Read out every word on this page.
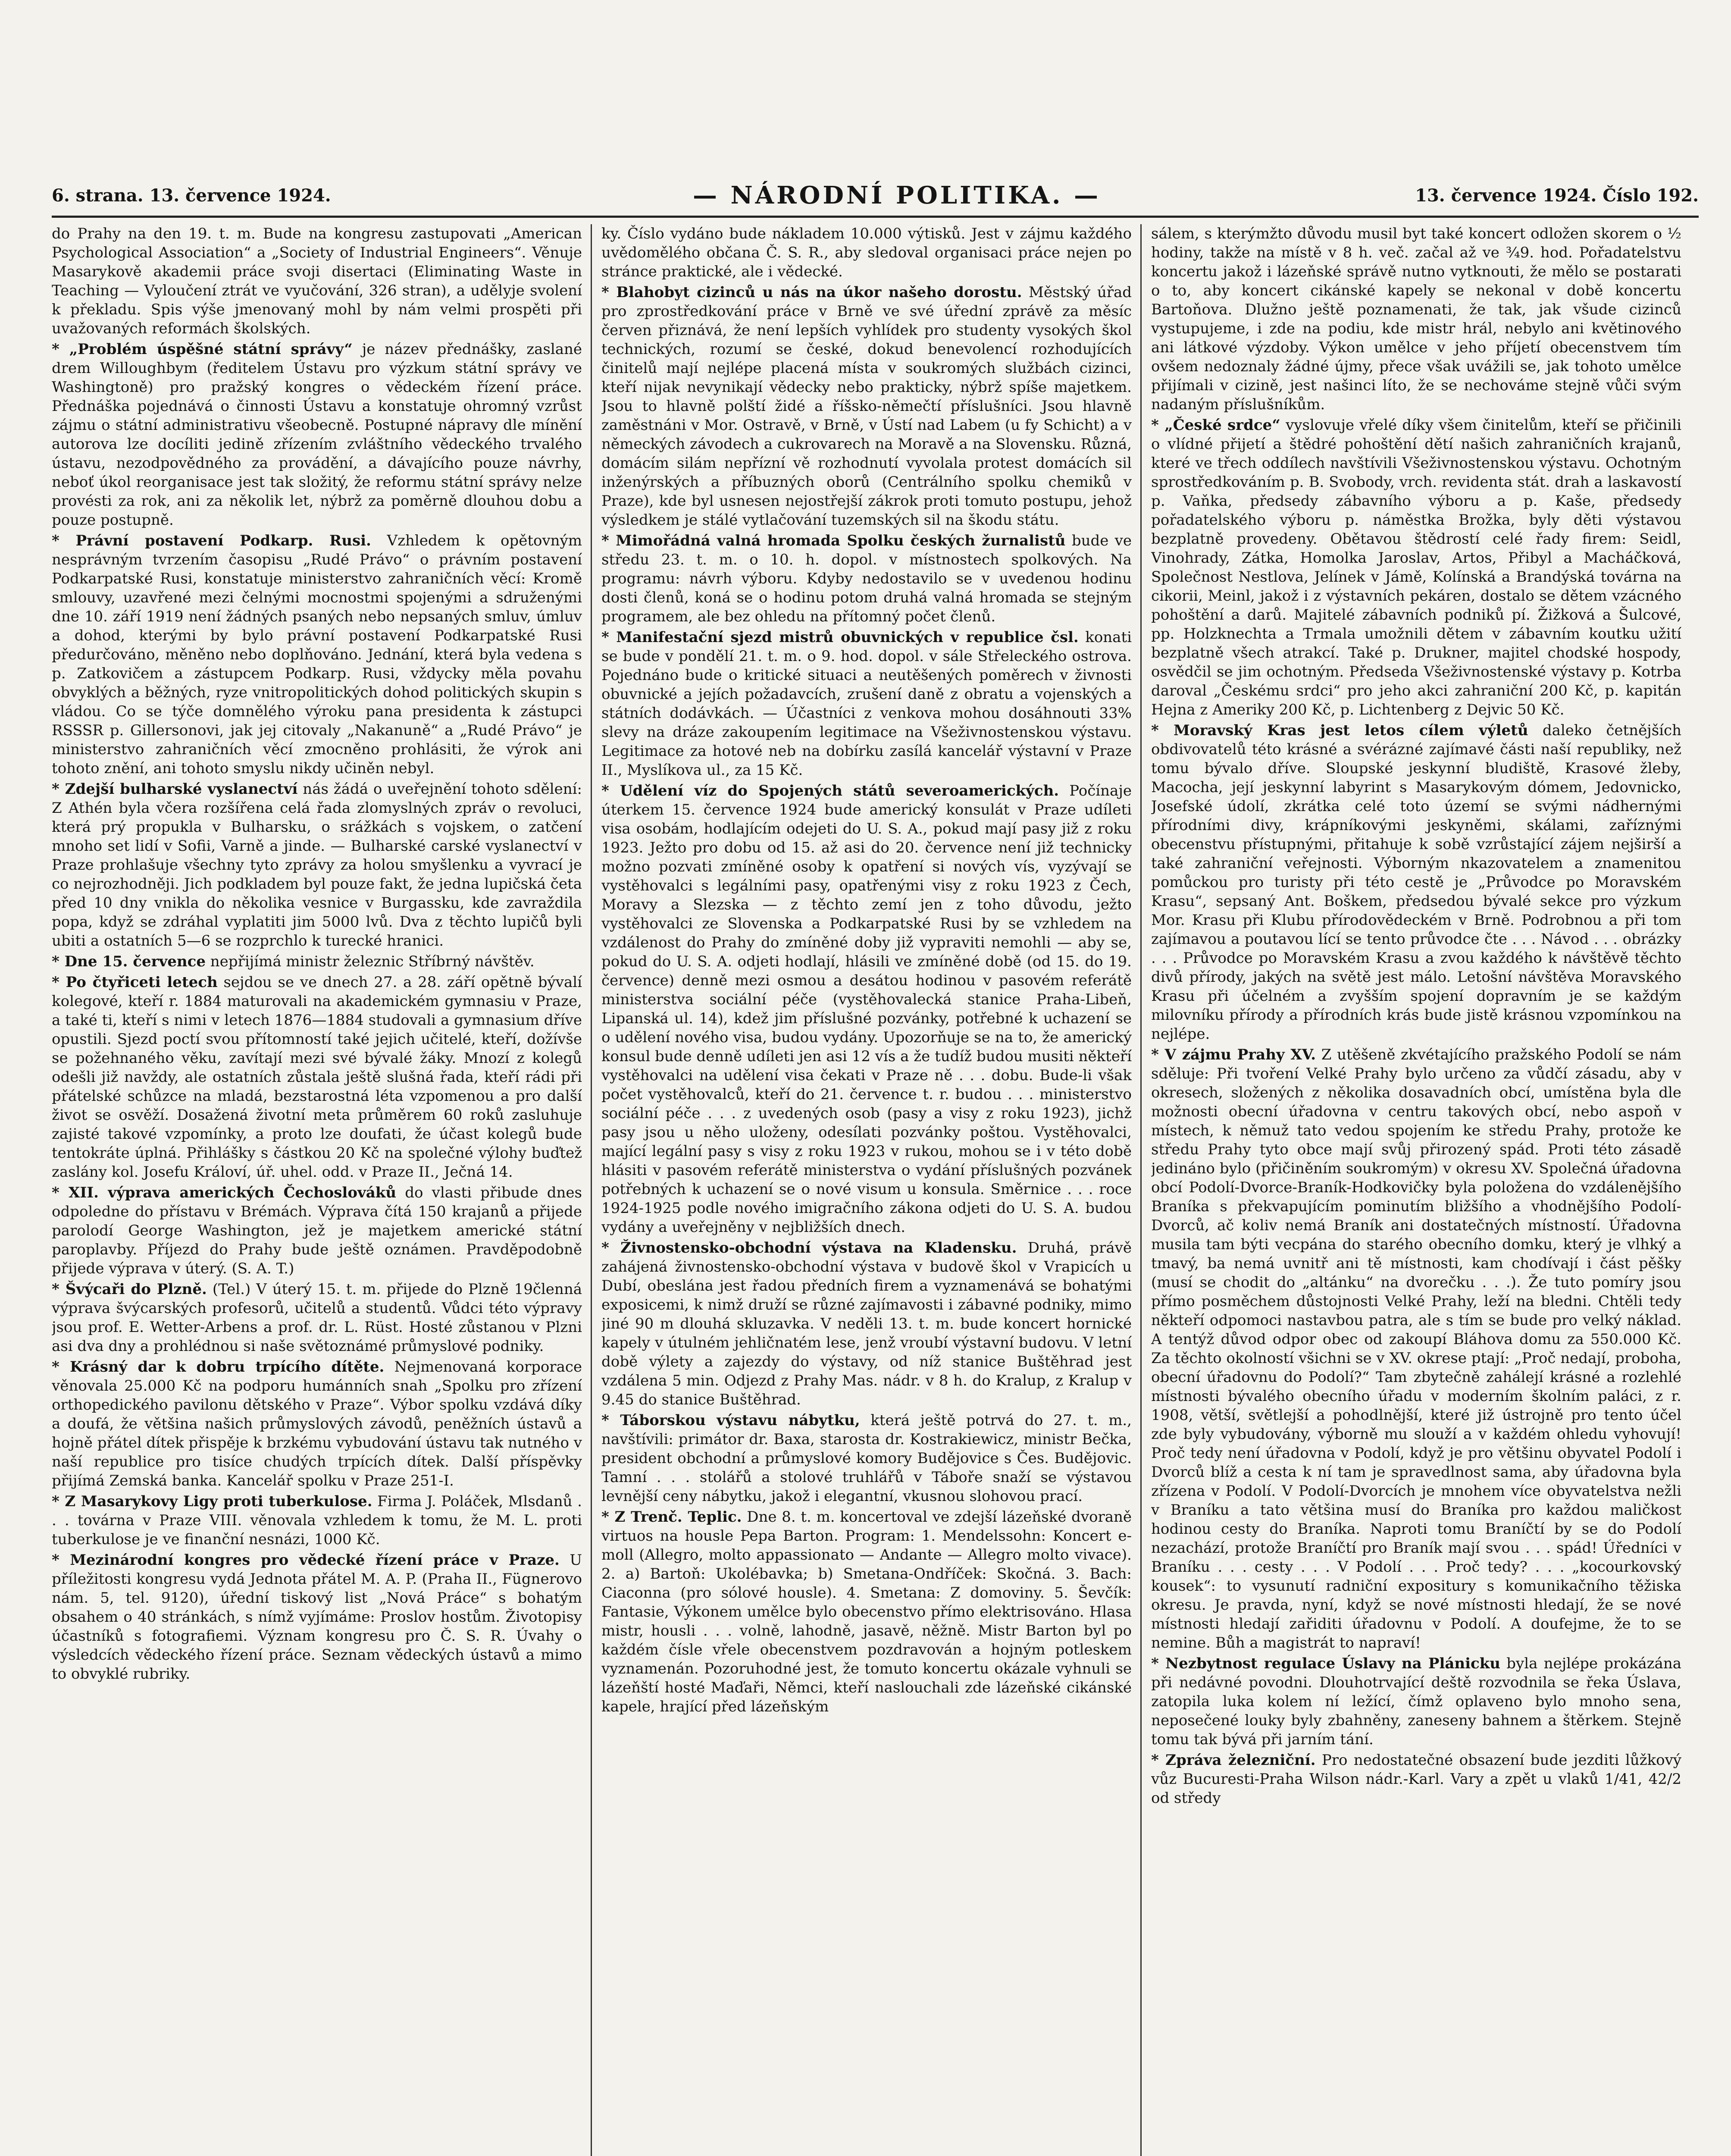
6. strana. 13. července 1924.	— NÁRODNÍ POLITIKA. —	13. července 1924. Číslo 192.

do Prahy na den 19. t. m. Bude na kongresu zastupovati „American Psychological Association“ a „Society of Industrial Engineers“. Věnuje Masarykově akademii práce svoji disertaci (Eliminating Waste in Teaching — Vyloučení ztrát ve vyučování, 326 stran), a udělује svolení k překladu. Spis výše jmenovaný mohl by nám velmi prospěti při uvažovaných reformách školských.

* „Problém úspěšné státní správy“ je název přednášky, zaslané drem Willoughbym (ředitelem Ústavu pro výzkum státní správy ve Washingtoně) pro pražský kongres o vědeckém řízení práce. Přednáška pojednává o činnosti Ústavu a konstatuje ohromný vzrůst zájmu o státní administrativu všeobecně. Postupné nápravy dle mínění autorova lze docíliti jedině zřízením zvláštního vědeckého trvalého ústavu, nezodpovědného za provádění, a dávajícího pouze návrhy, neboť úkol reorganisace jest tak složitý, že reformu státní správy nelze provésti za rok, ani za několik let, nýbrž za poměrně dlouhou dobu a pouze postupně.

* Právní postavení Podkarp. Rusi. Vzhledem k opětovným nesprávným tvrzením časopisu „Rudé Právo“ o právním postavení Podkarpatské Rusi, konstatuje ministerstvo zahraničních věcí: Kromě smlouvy, uzavřené mezi čelnými mocnostmi spojenými a sdruženými dne 10. září 1919 není žádných psaných nebo nepsaných smluv, úmluv a dohod, kterými by bylo právní postavení Podkarpatské Rusi předurčováno, měněno nebo doplňováno. Jednání, která byla vedena s p. Zatkovičem a zástupcem Podkarp. Rusi, vždycky měla povahu obvyklých a běžných, ryze vnitropolitických dohod politických skupin s vládou. Co se týče domnělého výroku pana presidenta k zástupci RSSSR p. Gillersonovi, jak jej citovaly „Nakanuně“ a „Rudé Právo“ je ministerstvo zahraničních věcí zmocněno prohlásiti, že výrok ani tohoto znění, ani tohoto smyslu nikdy učiněn nebyl.

* Zdejší bulharské vyslanectví nás žádá o uveřejnění tohoto sdělení: Z Athén byla včera rozšířena celá řada zlomyslných zpráv o revoluci, která prý propukla v Bulharsku, o srážkách s vojskem, o zatčení mnoho set lidí v Sofii, Varně a jinde. — Bulharské carské vyslanectví v Praze prohlašuje všechny tyto zprávy za holou smyšlenku a vyvrací je co nejrozhodněji. Jich podkladem byl pouze fakt, že jedna lupičská četa před 10 dny vnikla do několika vesnice v Burgassku, kde zavraždila popa, když se zdráhal vyplatiti jim 5000 lvů. Dva z těchto lupičů byli ubiti a ostatních 5—6 se rozprchlo k turecké hranici.

* Dne 15. července nepřijímá ministr železnic Stříbrný návštěv.

* Po čtyřiceti letech sejdou se ve dnech 27. a 28. září opětně bývalí kolegové, kteří r. 1884 maturovali na akademickém gymnasiu v Praze, a také ti, kteří s nimi v letech 1876—1884 studovali a gymnasium dříve opustili. Sjezd poctí svou přítomností také jejich učitelé, kteří, dožívše se požehnaného věku, zavítají mezi své bývalé žáky. Mnozí z kolegů odešli již navždy, ale ostatních zůstala ještě slušná řada, kteří rádi při přátelské schůzce na mladá, bezstarostná léta vzpomenou a pro další život se osvěží. Dosažená životní meta průměrem 60 roků zasluhuje zajisté takové vzpomínky, a proto lze doufati, že účast kolegů bude tentokráte úplná. Přihlášky s částkou 20 Kč na společné výlohy buďtež zaslány kol. Josefu Královí, úř. uhel. odd. v Praze II., Ječná 14.

* XII. výprava amerických Čechoslováků do vlasti přibude dnes odpoledne do přístavu v Brémách. Výprava čítá 150 krajanů a přijede parolodí George Washington, jež je majetkem americké státní paroplavby. Příjezd do Prahy bude ještě oznámen. Pravděpodobně přijede výprava v úterý. (S. A. T.)

* Švýcaři do Plzně. (Tel.) V úterý 15. t. m. přijede do Plzně 19členná výprava švýcarských profesorů, učitelů a studentů. Vůdci této výpravy jsou prof. E. Wetter-Arbens a prof. dr. L. Rüst. Hosté zůstanou v Plzni asi dva dny a prohlédnou si naše světoznámé průmyslové podniky.

* Krásný dar k dobru trpícího dítěte. Nejmenovaná korporace věnovala 25.000 Kč na podporu humánních snah „Spolku pro zřízení orthopedického pavilonu dětského v Praze“. Výbor spolku vzdává díky a doufá, že většina našich průmyslových závodů, peněžních ústavů a hojně přátel dítek přispěje k brzkému vybudování ústavu tak nutného v naší republice pro tisíce chudých trpících dítek. Další příspěvky přijímá Zemská banka. Kancelář spolku v Praze 251-I.

* Z Masarykovy Ligy proti tuberkulose. Firma J. Poláček, Mlsdanů . . . továrna v Praze VIII. věnovala vzhledem k tomu, že M. L. proti tuberkulose je ve finanční nesnázi, 1000 Kč.

* Mezinárodní kongres pro vědecké řízení práce v Praze. U příležitosti kongresu vydá Jednota přátel M. A. P. (Praha II., Fügnerovo nám. 5, tel. 9120), úřední tiskový list „Nová Práce“ s bohatým obsahem o 40 stránkách, s nímž vyjímáme: Proslov hostům. Životopisy účastníků s fotografiemi. Význam kongresu pro Č. S. R. Úvahy o výsledcích vědeckého řízení práce. Seznam vědeckých ústavů a mimo to obvyklé rubriky.

ky. Číslo vydáno bude nákladem 10.000 výtisků. Jest v zájmu každého uvědomělého občana Č. S. R., aby sledoval organisaci práce nejen po stránce praktické, ale i vědecké.

* Blahobyt cizinců u nás na úkor našeho dorostu. Městský úřad pro zprostředkování práce v Brně ve své úřední zprávě za měsíc červen přiznává, že není lepších vyhlídek pro studenty vysokých škol technických, rozumí se české, dokud benevolencí rozhodujících činitelů mají nejlépe placená místa v soukromých službách cizinci, kteří nijak nevynikají vědecky nebo prakticky, nýbrž spíše majetkem. Jsou to hlavně polští židé a říšsko-němečtí příslušníci. Jsou hlavně zaměstnáni v Mor. Ostravě, v Brně, v Ústí nad Labem (u fy Schicht) a v německých závodech a cukrovarech na Moravě a na Slovensku. Různá, domácím silám nepřízní vě rozhodnutí vyvolala protest domácích sil inženýrských a příbuzných oborů (Centrálního spolku chemiků v Praze), kde byl usnesen nejostřejší zákrok proti tomuto postupu, jehož výsledkem je stálé vytlačování tuzemských sil na škodu státu.

* Mimořádná valná hromada Spolku českých žurnalistů bude ve středu 23. t. m. o 10. h. dopol. v místnostech spolkových. Na programu: návrh výboru. Kdyby nedostavilo se v uvedenou hodinu dosti členů, koná se o hodinu potom druhá valná hromada se stejným programem, ale bez ohledu na přítomný počet členů.

* Manifestační sjezd mistrů obuvnických v republice čsl. konati se bude v pondělí 21. t. m. o 9. hod. dopol. v sále Střeleckého ostrova. Pojednáno bude o kritické situaci a neutěšených poměrech v živnosti obuvnické a jejích požadavcích, zrušení daně z obratu a vojenských a státních dodávkách. — Účastníci z venkova mohou dosáhnouti 33% slevy na dráze zakoupením legitimace na Všeživnostenskou výstavu. Legitimace za hotové neb na dobírku zasílá kancelář výstavní v Praze II., Myslíkova ul., za 15 Kč.

* Udělení víz do Spojených států severoamerických. Počínaje úterkem 15. července 1924 bude americký konsulát v Praze udíleti visa osobám, hodlajícím odejeti do U. S. A., pokud mají pasy již z roku 1923. Ježto pro dobu od 15. až asi do 20. července není již technicky možno pozvati zmíněné osoby k opatření si nových vís, vyzývají se vystěhovalci s legálními pasy, opatřenými visy z roku 1923 z Čech, Moravy a Slezska — z těchto zemí jen z toho důvodu, ježto vystěhovalci ze Slovenska a Podkarpatské Rusi by se vzhledem na vzdálenost do Prahy do zmíněné doby již vypraviti nemohli — aby se, pokud do U. S. A. odjeti hodlají, hlásili ve zmíněné době (od 15. do 19. července) denně mezi osmou a desátou hodinou v pasovém referátě ministerstva sociální péče (vystěhovalecká stanice Praha-Libeň, Lipanská ul. 14), kdež jim příslušné pozvánky, potřebné k uchazení se o udělení nového visa, budou vydány. Upozorňuje se na to, že americký konsul bude denně udíleti jen asi 12 vís a že tudíž budou musiti někteří vystěhovalci na udělení visa čekati v Praze ně . . . dobu. Bude-li však počet vystěhovalců, kteří do 21. července t. r. budou . . . ministerstvo sociální péče . . . z uvedených osob (pasy a visy z roku 1923), jichž pasy jsou u něho uloženy, odesílati pozvánky poštou. Vystěhovalci, mající legální pasy s visy z roku 1923 v rukou, mohou se i v této době hlásiti v pasovém referátě ministerstva o vydání příslušných pozvánek potřebných k uchazení se o nové visum u konsula. Směrnice . . . roce 1924-1925 podle nového imigračního zákona odjeti do U. S. A. budou vydány a uveřejněny v nejbližších dnech.

* Živnostensko-obchodní výstava na Kladensku. Druhá, právě zahájená živnostensko-obchodní výstava v budově škol v Vrapicích u Dubí, obeslána jest řadou předních firem a vyznamenává se bohatými exposicemi, k nimž druží se různé zajímavosti i zábavné podniky, mimo jiné 90 m dlouhá skluzavka. V neděli 13. t. m. bude koncert hornické kapely v útulném jehličnatém lese, jenž vroubí výstavní budovu. V letní době výlety a zajezdy do výstavy, od níž stanice Buštěhrad jest vzdálena 5 min. Odjezd z Prahy Mas. nádr. v 8 h. do Kralup, z Kralup v 9.45 do stanice Buštěhrad.

* Táborskou výstavu nábytku, která ještě potrvá do 27. t. m., navštívili: primátor dr. Baxa, starosta dr. Kostrakiewicz, ministr Bečka, president obchodní a průmyslové komory Budějovice s Čes. Budějovic. Tamní . . . stolářů a stolové truhlářů v Táboře snaží se výstavou levnější ceny nábytku, jakož i elegantní, vkusnou slohovou prací.

* Z Trenč. Teplic. Dne 8. t. m. koncertoval ve zdejší lázeňské dvoraně virtuos na housle Pepa Barton. Program: 1. Mendelssohn: Koncert e-moll (Allegro, molto appassionato — Andante — Allegro molto vivace). 2. a) Bartoň: Ukolébavka; b) Smetana-Ondříček: Skočná. 3. Bach: Ciaconna (pro sólové housle). 4. Smetana: Z domoviny. 5. Ševčík: Fantasie, Výkonem umělce bylo obecenstvo přímo elektrisováno. Hlasa mistr, housli . . . volně, lahodně, jasavě, něžně. Mistr Barton byl po každém čísle vřele obecenstvem pozdravován a hojným potleskem vyznamenán. Pozoruhodné jest, že tomuto koncertu okázale vyhnuli se lázeňští hosté Maďaři, Němci, kteří naslouchali zde lázeňské cikánské kapele, hrající před lázeňským

sálem, s kterýmžto důvodu musil byt také koncert odložen skorem o ½ hodiny, takže na místě v 8 h. več. začal až ve ¾9. hod. Pořadatelstvu koncertu jakož i lázeňské správě nutno vytknouti, že mělo se postarati o to, aby koncert cikánské kapely se nekonal v době koncertu Bartoňova. Dlužno ještě poznamenati, že tak, jak všude cizinců vystupujeme, i zde na podiu, kde mistr hrál, nebylo ani květinového ani látkové výzdoby. Výkon umělce v jeho příjetí obecenstvem tím ovšem nedoznaly žádné újmy, přece však uvážili se, jak tohoto umělce přijímali v cizině, jest našinci líto, že se nechováme stejně vůči svým nadaným příslušníkům.

* „České srdce“ vyslovuje vřelé díky všem činitelům, kteří se přičinili o vlídné přijetí a štědré pohoštění dětí našich zahraničních krajanů, které ve třech oddílech navštívili Všeživnostenskou výstavu. Ochotným sprostředkováním p. B. Svobody, vrch. revidenta stát. drah a laskavostí p. Vaňka, předsedy zábavního výboru a p. Kaše, předsedy pořadatelského výboru p. náměstka Brožka, byly děti výstavou bezplatně provedeny. Obětavou štědrostí celé řady firem: Seidl, Vinohrady, Zátka, Homolka Jaroslav, Artos, Přibyl a Macháčková, Společnost Nestlova, Jelínek v Jámě, Kolínská a Brandýská továrna na cikorii, Meinl, jakož i z výstavních pekáren, dostalo se dětem vzácného pohoštění a darů. Majitelé zábavních podniků pí. Žižková a Šulcové, pp. Holzknechta a Trmala umožnili dětem v zábavním koutku užití bezplatně všech atrakcí. Také p. Drukner, majitel chodské hospody, osvědčil se jim ochotným. Předseda Všeživnostenské výstavy p. Kotrba daroval „Českému srdci“ pro jeho akci zahraniční 200 Kč, p. kapitán Hejna z Ameriky 200 Kč, p. Lichtenberg z Dejvic 50 Kč.

* Moravský Kras jest letos cílem výletů daleko četnějších obdivovatelů této krásné a svérázné zajímavé části naší republiky, než tomu bývalo dříve. Sloupské jeskynní bludiště, Krasové žleby, Macocha, její jeskynní labyrint s Masarykovým dómem, Jedovnicko, Josefské údolí, zkrátka celé toto území se svými nádhernými přírodními divy, krápníkovými jeskyněmi, skálami, zaříznými obecenstvu přístupnými, přitahuje k sobě vzrůstající zájem nejširší a také zahraniční veřejnosti. Výborným nkazovatelem a znamenitou pomůckou pro turisty při této cestě je „Průvodce po Moravském Krasu“, sepsaný Ant. Boškem, předsedou bývalé sekce pro výzkum Mor. Krasu při Klubu přírodovědeckém v Brně. Podrobnou a při tom zajímavou a poutavou lící se tento průvodce čte . . . Návod . . . obrázky . . . Průvodce po Moravském Krasu a zvou každého k návštěvě těchto divů přírody, jakých na světě jest málo. Letošní návštěva Moravského Krasu při účelném a zvyšším spojení dopravním je se každým milovníku přírody a přírodních krás bude jistě krásnou vzpomínkou na nejlépe.

* V zájmu Prahy XV. Z utěšeně zkvétajícího pražského Podolí se nám sděluje: Při tvoření Velké Prahy bylo určeno za vůdčí zásadu, aby v okresech, složených z několika dosavadních obcí, umístěna byla dle možnosti obecní úřadovna v centru takových obcí, nebo aspoň v místech, k němuž tato vedou spojením ke středu Prahy, protože ke středu Prahy tyto obce mají svůj přirozený spád. Proti této zásadě jedináno bylo (přičiněním soukromým) v okresu XV. Společná úřadovna obcí Podolí-Dvorce-Braník-Hodkovičky byla položena do vzdálenějšího Braníka s překvapujícím pominutím bližšího a vhodnějšího Podolí-Dvorců, ač koliv nemá Braník ani dostatečných místností. Úřadovna musila tam býti vecpána do starého obecního domku, který je vlhký a tmavý, ba nemá uvnitř ani tě místnosti, kam chodívají i část pěšky (musí se chodit do „altánku“ na dvorečku . . .). Že tuto pomíry jsou přímo posměchem důstojnosti Velké Prahy, leží na bledni. Chtěli tedy někteří odpomoci nastavbou patra, ale s tím se bude pro velký náklad. A tentýž důvod odpor obec od zakoupí Bláhova domu za 550.000 Kč. Za těchto okolností všichni se v XV. okrese ptají: „Proč nedají, proboha, obecní úřadovnu do Podolí?“ Tam zbytečně zahálejí krásné a rozlehlé místnosti bývalého obecního úřadu v moderním školním paláci, z r. 1908, větší, světlejší a pohodlnější, které již ústrojně pro tento účel zde byly vybudovány, výborně mu slouží a v každém ohledu vyhovují! Proč tedy není úřadovna v Podolí, když je pro většinu obyvatel Podolí i Dvorců blíž a cesta k ní tam je spravedlnost sama, aby úřadovna byla zřízena v Podolí. V Podolí-Dvorcích je mnohem více obyvatelstva nežli v Braníku a tato většina musí do Braníka pro každou maličkost hodinou cesty do Braníka. Naproti tomu Braníčtí by se do Podolí nezachází, protože Braníčtí pro Braník mají svou . . . spád! Úředníci v Braníku . . . cesty . . . V Podolí . . . Proč tedy? . . . „kocourkovský kousek“: to vysunutí radniční expositury s komunikačního těžiska okresu. Je pravda, nyní, když se nové místnosti hledají, že se nové místnosti hledají zařiditi úřadovnu v Podolí. A doufejme, že to se nemine. Bůh a magistrát to napraví!

* Nezbytnost regulace Úslavy na Plánicku byla nejlépe prokázána při nedávné povodni. Dlouhotrvající deště rozvodnila se řeka Úslava, zatopila luka kolem ní ležící, čímž oplaveno bylo mnoho sena, neposečené louky byly zbahněny, zaneseny bahnem a štěrkem. Stejně tomu tak bývá při jarním tání.

* Zpráva železniční. Pro nedostatečné obsazení bude jezditi lůžkový vůz Bucuresti-Praha Wilson nádr.-Karl. Vary a zpět u vlaků 1/41, 42/2 od středy
